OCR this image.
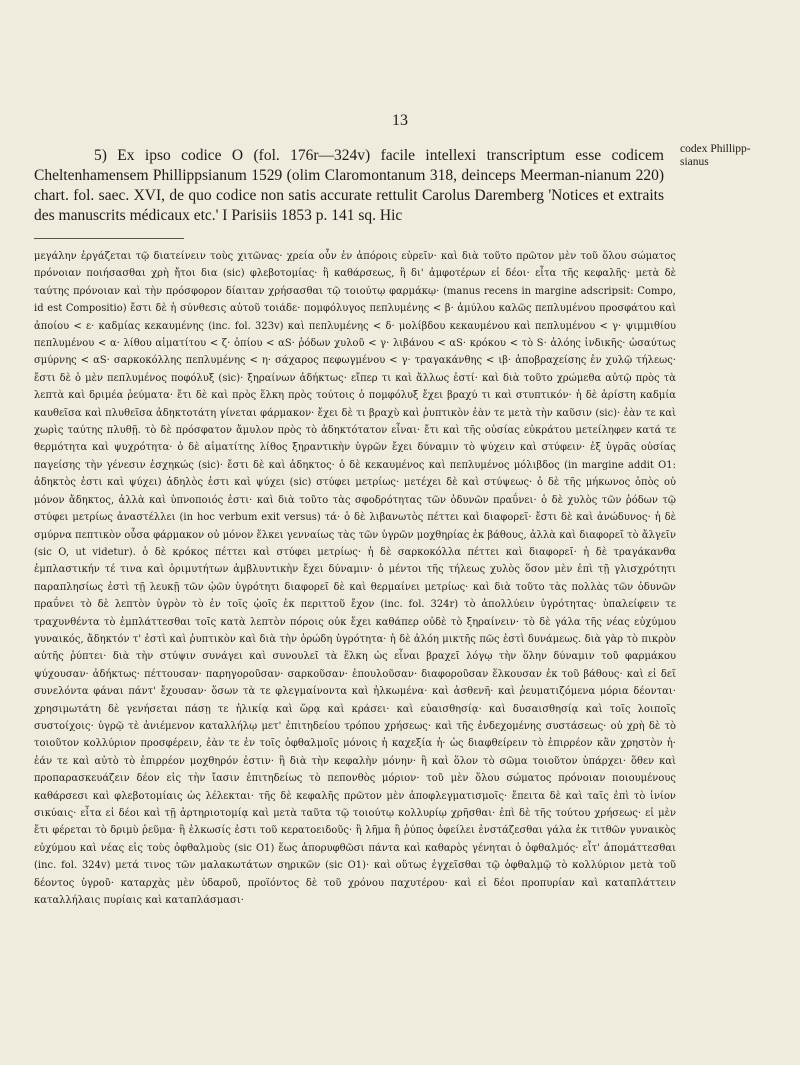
13
5) Ex ipso codice O (fol. 176r—324v) facile intellexi transcriptum esse codicem Cheltenhamensem Phillippsianum 1529 (olim Claromontanum 318, deinceps Meerman-nianum 220) chart. fol. saec. XVI, de quo codice non satis accurate rettulit Carolus Daremberg 'Notices et extraits des manuscrits médicaux etc.' I Parisiis 1853 p. 141 sq. Hic
codex Phillipp-sianus

μεγάλην ἐργάζεται τῷ διατείνειν τοὺς χιτῶνας· χρεία οὖν ἐν ἀπόροις εὑρεῖν· καὶ διὰ τοῦτο πρῶτον μὲν τοῦ ὅλου σώματος πρόνοιαν ποιήσασθαι χρὴ ἤτοι δια (sic) φλεβοτομίας· ἢ καθάρσεως, ἢ δι' ἀμφοτέρων εἰ δέοι· εἶτα τῆς κεφαλῆς· μετὰ δὲ ταύτης πρόνοιαν καὶ τὴν πρόσφορον δίαιταν χρήσασθαι τῷ τοιούτῳ φαρμάκῳ· (manus recens in margine adscripsit: Compo, id est Compositio) ἔστι δὲ ἡ σύνθεσις αὐτοῦ τοιάδε· πομφόλυγος πεπλυμένης < β· ἀμύλου καλῶς πεπλυμένου προσφάτου καὶ ἀποίου < ε· καδμίας κεκαυμένης (inc. fol. 323v) καὶ πεπλυμένης < δ· μολίβδου κεκαυμένου καὶ πεπλυμένου < γ· ψιμμιθίου πεπλυμένου < α· λίθου αἱματίτου < ζ· ὀπίου < αS· ῥόδων χυλοῦ < γ· λιβάνου < αS· κρόκου < τὸ S· ἀλόης ἰνδικῆς· ὡσαύτως σμύρνης < αS· σαρκοκόλλης πεπλυμένης < η· σάχαρος πεφωγμένου < γ· τραγακάνθης < ιβ· ἀποβραχείσης ἐν χυλῷ τήλεως· ἔστι δὲ ὁ μὲν πεπλυμένος ποφόλυξ (sic)· ξηραίνων ἀδήκτως· εἴπερ τι καὶ ἄλλως ἐστί· καὶ διὰ τοῦτο χρώμεθα αὐτῷ πρὸς τὰ λεπτὰ καὶ δριμέα ῥεύματα· ἔτι δὲ καὶ πρὸς ἕλκη πρὸς τούτοις ὁ πομφόλυξ ἔχει βραχύ τι καὶ στυπτικόν· ἡ δὲ ἀρίστη καδμία καυθεῖσα καὶ πλυθεῖσα ἀδηκτοτάτη γίνεται φάρμακον· ἔχει δὲ τι βραχὺ καὶ ῥυπτικὸν ἐὰν τε μετὰ τὴν καῦσιν (sic)· ἐὰν τε καὶ χωρὶς ταύτης πλυθῇ. τὸ δὲ πρόσφατον ἄμυλον πρὸς τὸ ἀδηκτότατον εἶναι· ἔτι καὶ τῆς οὐσίας εὐκράτου μετείληφεν κατά τε θερμότητα καὶ ψυχρότητα· ὁ δὲ αἱματίτης λίθος ξηραντικὴν ὑγρῶν ἔχει δύναμιν τὸ ψύχειν καὶ στύφειν· ἐξ ὑγρᾶς οὐσίας παγείσης τὴν γένεσιν ἐσχηκώς (sic)· ἔστι δὲ καὶ ἀδηκτος· ὁ δὲ κεκαυμένος καὶ πεπλυμένος μόλιβδος (in margine addit O1: ἀδηκτὸς ἐστι καὶ ψύχει) ἀδηλὸς ἐστι καὶ ψύχει (sic) στύφει μετρίως· μετέχει δὲ καὶ στύψεως· ὁ δὲ τῆς μήκωνος ὀπὸς οὐ μόνον ἄδηκτος, ἀλλὰ καὶ ὑπνοποιός ἐστι· καὶ διὰ τοῦτο τὰς σφοδρότητας τῶν ὀδυνῶν πραΰνει· ὁ δὲ χυλὸς τῶν ῥόδων τῷ στύφει μετρίως ἀναστέλλει (in hoc verbum exit versus) τά· ὁ δὲ λιβανωτὸς πέττει καὶ διαφορεῖ· ἔστι δὲ καὶ ἀνώδυνος· ἡ δὲ σμύρνα πεπτικὸν οὖσα φάρμακον οὐ μόνον ἕλκει γενναίως τὰς τῶν ὑγρῶν μοχθηρίας ἐκ βάθους, ἀλλὰ καὶ διαφορεῖ τὸ ἄλγεῖν (sic O, ut videtur). ὁ δὲ κρόκος πέττει καὶ στύφει μετρίως· ἡ δὲ σαρκοκόλλα πέττει καὶ διαφορεῖ· ἡ δὲ τραγάκανθα ἐμπλαστικήν τέ τινα καὶ ὀριμυτήτων ἀμβλυντικὴν ἔχει δύναμιν· ὁ μέντοι τῆς τήλεως χυλὸς ὅσον μὲν ἐπὶ τῇ γλισχρότητι παραπλησίως ἐστὶ τῇ λευκῇ τῶν ᾠῶν ὑγρότητι διαφορεῖ δὲ καὶ θερμαίνει μετρίως· καὶ διὰ τοῦτο τὰς πολλὰς τῶν ὀδυνῶν πραΰνει τὸ δὲ λεπτὸν ὑγρὸν τὸ ἐν τοῖς ᾠοῖς ἐκ περιττοῦ ἔχον (inc. fol. 324r) τὸ ἀπολλύειν ὑγρότητας· ὑπαλείφειν τε τραχυνθέντα τὸ ἐμπλάττεσθαι τοῖς κατὰ λεπτὸν πόροις οὐκ ἔχει καθάπερ οὐδὲ τὸ ξηραίνειν· τὸ δὲ γάλα τῆς νέας εὐχύμου γυναικός, ἄδηκτόν τ' ἐστὶ καὶ ῥυπτικὸν καὶ διὰ τὴν ὀρώδη ὑγρότητα· ἡ δὲ ἀλόη μικτῆς πῶς ἐστὶ δυνάμεως. διὰ γὰρ τὸ πικρὸν αὐτῆς ῥύπτει· διὰ τὴν στύψιν συνάγει καὶ συνουλεῖ τὰ ἕλκη ὡς εἶναι βραχεῖ λόγῳ τὴν ὅλην δύναμιν τοῦ φαρμάκου ψύχουσαν· ἀδήκτως· πέττουσαν· παρηγοροῦσαν· σαρκοῦσαν· ἐπουλοῦσαν· διαφοροῦσαν ἕλκουσαν ἐκ τοῦ βάθους· καὶ εἰ δεῖ συνελόντα φάναι πάντ' ἔχουσαν· ὅσων τὰ τε φλεγμαίνοντα καὶ ἠλκωμένα· καὶ ἀσθενῆ· καὶ ῥευματιζόμενα μόρια δέονται· χρησιμωτάτη δὲ γενήσεται πάσῃ τε ἡλικίᾳ καὶ ὥρᾳ καὶ κράσει· καὶ εὐαισθησίᾳ· καὶ δυσαισθησίᾳ καὶ τοῖς λοιποῖς συστοίχοις· ὑγρῷ τὲ ἀνιέμενον καταλλήλῳ μετ' ἐπιτηδείου τρόπου χρήσεως· καὶ τῆς ἐνδεχομένης συστάσεως· οὐ χρὴ δὲ τὸ τοιοῦτον κολλύριον προσφέρειν, ἐὰν τε ἐν τοῖς ὀφθαλμοῖς μόνοις ἡ καχεξία ἡ· ὡς διαφθείρειν τὸ ἐπιρρέον κἂν χρηστὸν ἡ· ἐάν τε καὶ αὐτὸ τὸ ἐπιρρέον μοχθηρόν ἐστιν· ἢ διὰ τὴν κεφαλὴν μόνην· ἢ καὶ ὅλον τὸ σῶμα τοιοῦτον ὑπάρχει· ὅθεν καὶ προπαρασκευάζειν δέον εἰς τὴν ἴασιν ἐπιτηδείως τὸ πεπονθὸς μόριον· τοῦ μὲν ὅλου σώματος πρόνοιαν ποιουμένους καθάρσεσι καὶ φλεβοτομίαις ὡς λέλεκται· τῆς δὲ κεφαλῆς πρῶτον μὲν ἀποφλεγματισμοῖς· ἔπειτα δὲ καὶ ταῖς ἐπὶ τὸ ἰνίον σικύαις· εἶτα εἰ δέοι καὶ τῇ ἀρτηριοτομίᾳ καὶ μετὰ ταῦτα τῷ τοιούτῳ κολλυρίῳ χρῆσθαι· ἐπὶ δὲ τῆς τούτου χρήσεως· εἰ μὲν ἔτι φέρεται τὸ δριμὺ ῥεῦμα· ἢ ἑλκωσίς ἐστι τοῦ κερατοειδοῦς· ἢ λῆμα ἢ ῥύπος ὀφείλει ἐνστάζεσθαι γάλα ἐκ τιτθῶν γυναικὸς εὐχύμου καὶ νέας εἰς τοὺς ὀφθαλμοὺς (sic O1) ἕως ἀπορυφθῶσι πάντα καὶ καθαρὸς γένηται ὁ ὀφθαλμός· εἶτ' ἀπομάττεσθαι (inc. fol. 324v) μετά τινος τῶν μαλακωτάτων σηρικῶν (sic O1)· καὶ οὕτως ἐγχεῖσθαι τῷ ὀφθαλμῷ τὸ κολλύριον μετὰ τοῦ δέοντος ὑγροῦ· καταρχὰς μὲν ὑδαροῦ, προϊόντος δὲ τοῦ χρόνου παχυτέρου· καὶ εἰ δέοι προπυρίαν καὶ καταπλάττειν καταλλήλαις πυρίαις καὶ καταπλάσμασι·
